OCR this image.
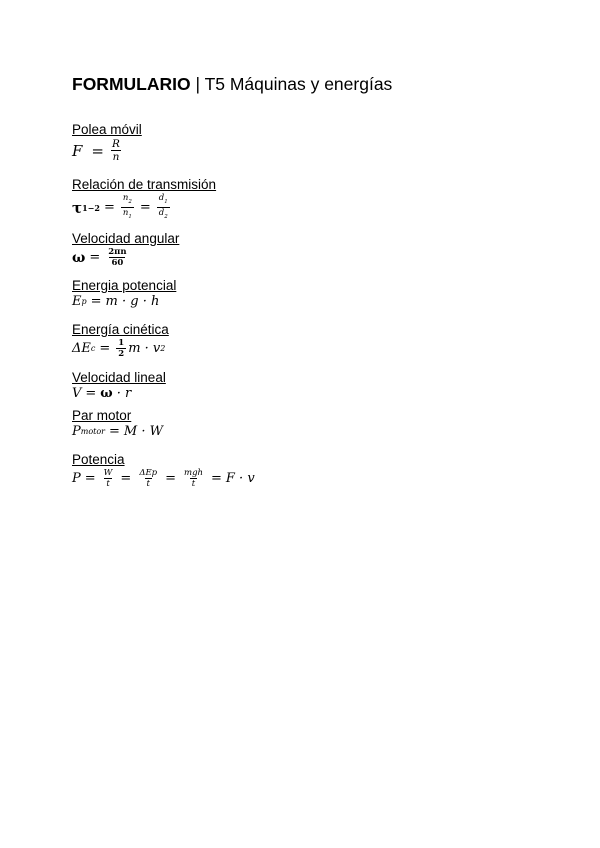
FORMULARIO | T5 Máquinas y energías
Polea móvil
$F = \frac{R}{n}$
Relación de transmisión
τ $1-2 = \frac{n_2}{n_1} = \frac{d_1}{d_2}$
Velocidad angular
$\omega = \frac{2\pi n}{60}$
Energia potencial
E p = m · g · h
Energía cinética
ΔE $c = \frac{1}{2}$ m · v 2
Velocidad lineal
V = ω · r
Par motor
P motor = M · W
Potencia
$P = \frac{W}{t} = \frac{\text{ΔEp}}{t} = \frac{\text{mgh}}{t} = F \cdot v$
